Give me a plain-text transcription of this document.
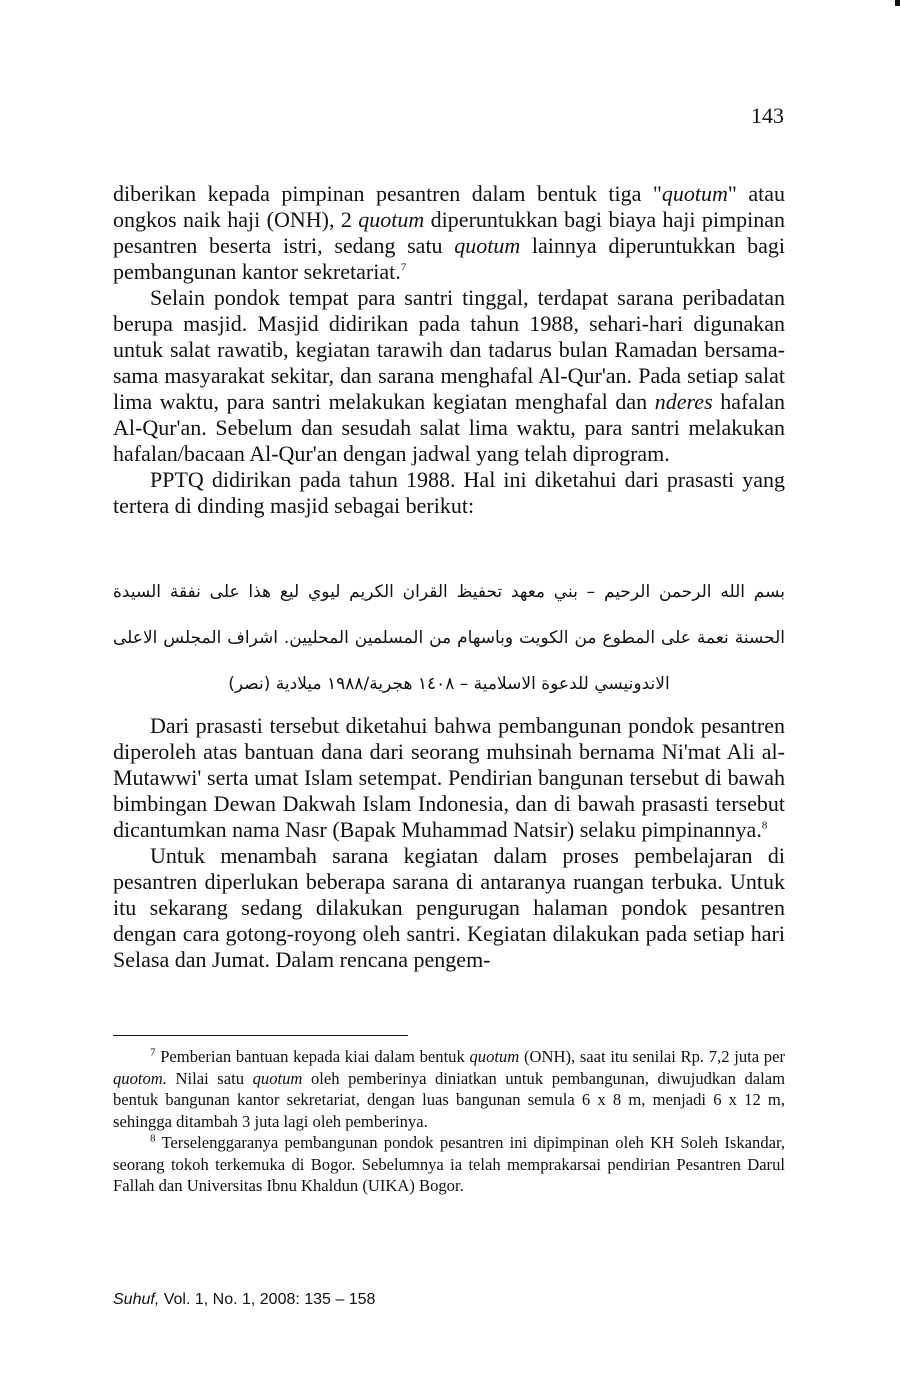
143

diberikan kepada pimpinan pesantren dalam bentuk tiga "quotum" atau ongkos naik haji (ONH), 2 quotum diperuntukkan bagi biaya haji pimpinan pesantren beserta istri, sedang satu quotum lainnya diperuntukkan bagi pembangunan kantor sekretariat.$^7$

Selain pondok tempat para santri tinggal, terdapat sarana peribadatan berupa masjid. Masjid didirikan pada tahun 1988, sehari-hari digunakan untuk salat rawatib, kegiatan tarawih dan tadarus bulan Ramadan bersama-sama masyarakat sekitar, dan sarana menghafal Al-Qur'an. Pada setiap salat lima waktu, para santri melakukan kegiatan menghafal dan nderes hafalan Al-Qur'an. Sebelum dan sesudah salat lima waktu, para santri melakukan hafalan/bacaan Al-Qur'an dengan jadwal yang telah diprogram.

PPTQ didirikan pada tahun 1988. Hal ini diketahui dari prasasti yang tertera di dinding masjid sebagai berikut:

بسم الله الرحمن الرحيم – بني معهد تحفيظ القران الكريم ليوي ليع هذا على نفقة السيدة
الحسنة نعمة على المطوع من الكويت وباسهام من المسلمين المحليين. اشراف المجلس الاعلى
الاندونيسي للدعوة الاسلامية – ١٤٠٨ هجرية/١٩٨٨ ميلادية (نصر)

Dari prasasti tersebut diketahui bahwa pembangunan pondok pesantren diperoleh atas bantuan dana dari seorang muhsinah bernama Ni'mat Ali al-Mutawwi' serta umat Islam setempat. Pendirian bangunan tersebut di bawah bimbingan Dewan Dakwah Islam Indonesia, dan di bawah prasasti tersebut dicantumkan nama Nasr (Bapak Muhammad Natsir) selaku pimpinannya.$^8$

Untuk menambah sarana kegiatan dalam proses pembelajaran di pesantren diperlukan beberapa sarana di antaranya ruangan terbuka. Untuk itu sekarang sedang dilakukan pengurugan halaman pondok pesantren dengan cara gotong-royong oleh santri. Kegiatan dilakukan pada setiap hari Selasa dan Jumat. Dalam rencana pengem-

$^7$ Pemberian bantuan kepada kiai dalam bentuk quotum (ONH), saat itu senilai Rp. 7,2 juta per quotom. Nilai satu quotum oleh pemberinya diniatkan untuk pembangunan, diwujudkan dalam bentuk bangunan kantor sekretariat, dengan luas bangunan semula 6 x 8 m, menjadi 6 x 12 m, sehingga ditambah 3 juta lagi oleh pemberinya.

$^8$ Terselenggaranya pembangunan pondok pesantren ini dipimpinan oleh KH Soleh Iskandar, seorang tokoh terkemuka di Bogor. Sebelumnya ia telah memprakarsai pendirian Pesantren Darul Fallah dan Universitas Ibnu Khaldun (UIKA) Bogor.

Suhuf, Vol. 1, No. 1, 2008: 135 – 158
